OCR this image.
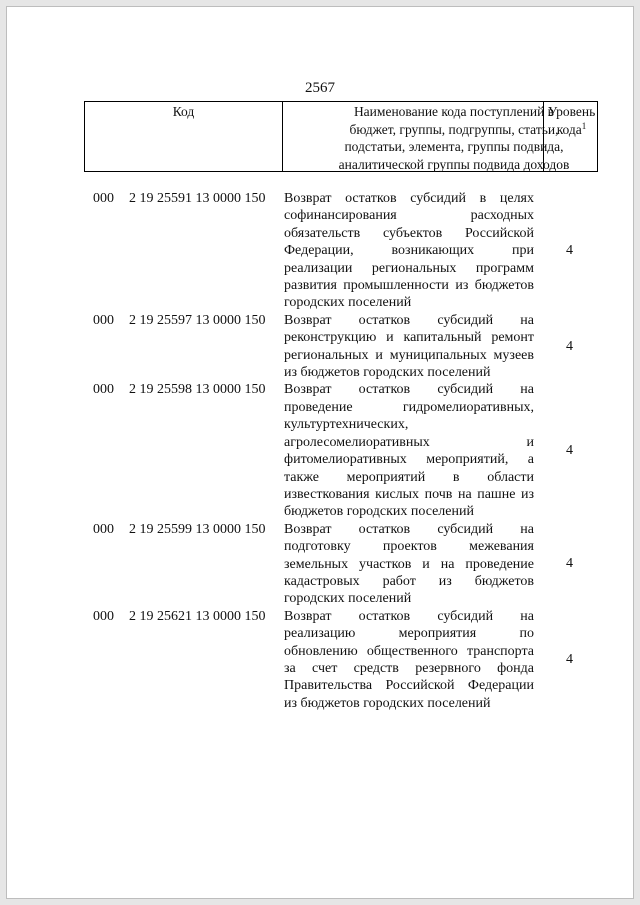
2567
Код	Наименование кода поступлений в
бюджет, группы, подгруппы, статьи,
подстатьи, элемента, группы подвида,
аналитической группы подвида доходов
Уровень
кода$^1$
000 2 19 25591 13 0000 150 Возврат остатков субсидий в целях
софинансирования расходных
обязательств субъектов Российской
Федерации, возникающих при
реализации региональных программ
развития промышленности из бюджетов
городских поселений
4
000 2 19 25597 13 0000 150 Возврат остатков субсидий на
реконструкцию и капитальный ремонт
региональных и муниципальных музеев
из бюджетов городских поселений
4
000 2 19 25598 13 0000 150 Возврат остатков субсидий на
проведение гидромелиоративных,
культуртехнических,
агролесомелиоративных и
фитомелиоративных мероприятий, а
также мероприятий в области
известкования кислых почв на пашне из
бюджетов городских поселений
4
000 2 19 25599 13 0000 150 Возврат остатков субсидий на
подготовку проектов межевания
земельных участков и на проведение
кадастровых работ из бюджетов
городских поселений
4
000 2 19 25621 13 0000 150 Возврат остатков субсидий на
реализацию мероприятия по
обновлению общественного транспорта
за счет средств резервного фонда
Правительства Российской Федерации
из бюджетов городских поселений
4
